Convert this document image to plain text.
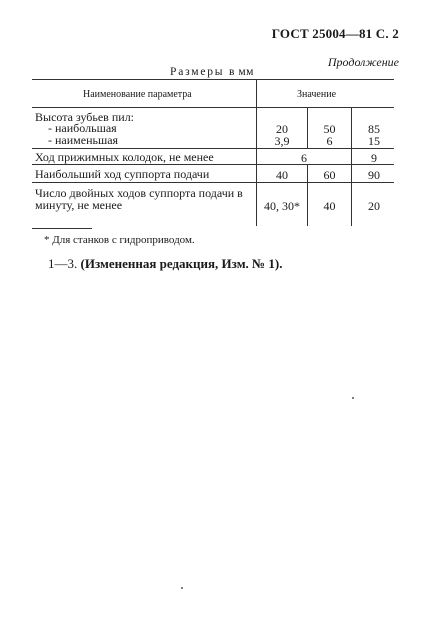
ГОСТ 25004—81 С. 2
Продолжение
Размеры в мм
Наименование параметра	Значение
Высота зубьев пил:
- наибольшая	20	50	85
- наименьшая	3,9	6	15
Ход прижимных колодок, не менее	6	9
Наибольший ход суппорта подачи	40	60	90
Число двойных ходов суппорта подачи в
минуту, не менее	40, 30*	40	20
* Для станков с гидроприводом.
1—3. (Измененная редакция, Изм. № 1).
